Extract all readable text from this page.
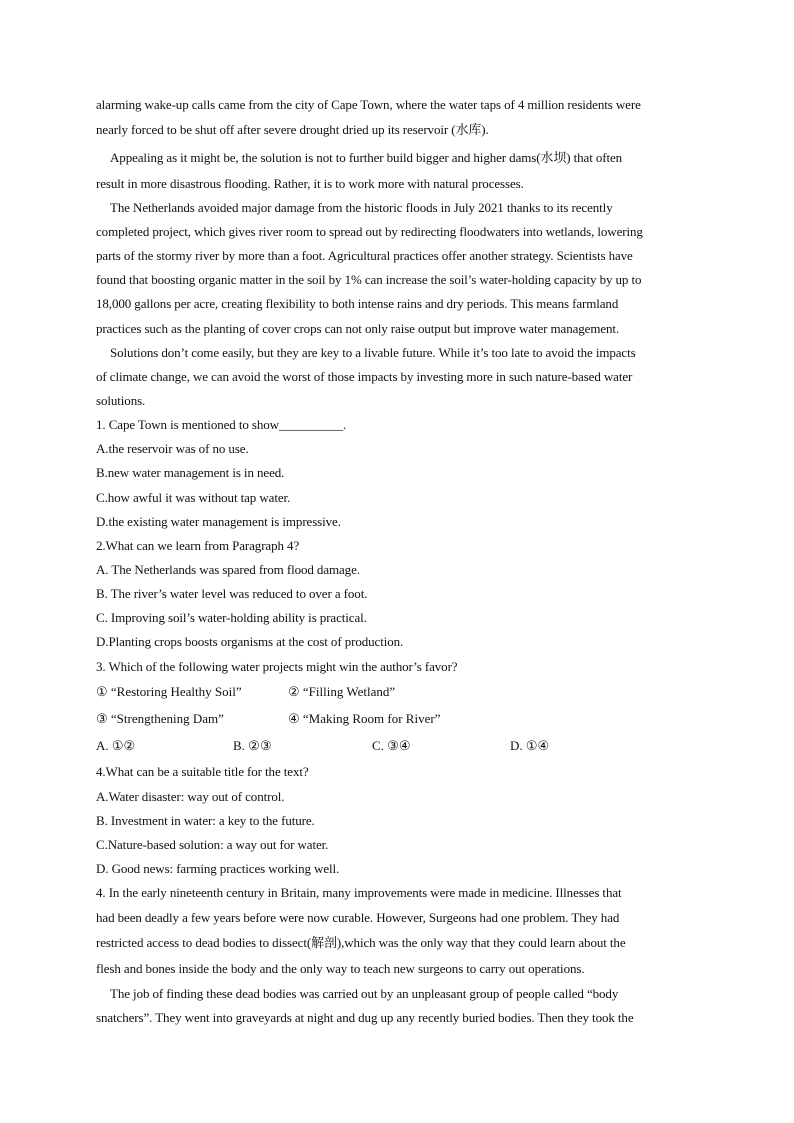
alarming wake-up calls came from the city of Cape Town, where the water taps of 4 million residents were
nearly forced to be shut off after severe drought dried up its reservoir (水库).
Appealing as it might be, the solution is not to further build bigger and higher dams(水坝) that often
result in more disastrous flooding. Rather, it is to work more with natural processes.
The Netherlands avoided major damage from the historic floods in July 2021 thanks to its recently
completed project, which gives river room to spread out by redirecting floodwaters into wetlands, lowering
parts of the stormy river by more than a foot. Agricultural practices offer another strategy. Scientists have
found that boosting organic matter in the soil by 1% can increase the soil’s water-holding capacity by up to
18,000 gallons per acre, creating flexibility to both intense rains and dry periods. This means farmland
practices such as the planting of cover crops can not only raise output but improve water management.
Solutions don’t come easily, but they are key to a livable future. While it’s too late to avoid the impacts
of climate change, we can avoid the worst of those impacts by investing more in such nature-based water
solutions.
1. Cape Town is mentioned to show__________.
A.the reservoir was of no use.
B.new water management is in need.
C.how awful it was without tap water.
D.the existing water management is impressive.
2.What can we learn from Paragraph 4?
A. The Netherlands was spared from flood damage.
B. The river’s water level was reduced to over a foot.
C. Improving soil’s water-holding ability is practical.
D.Planting crops boosts organisms at the cost of production.
3. Which of the following water projects might win the author’s favor?
① “Restoring Healthy Soil”	② “Filling Wetland”
③ “Strengthening Dam”	④ “Making Room for River”
A. ①②	B. ②③	C. ③④	D. ①④
4.What can be a suitable title for the text?
A.Water disaster: way out of control.
B. Investment in water: a key to the future.
C.Nature-based solution: a way out for water.
D. Good news: farming practices working well.
4. In the early nineteenth century in Britain, many improvements were made in medicine. Illnesses that
had been deadly a few years before were now curable. However, Surgeons had one problem. They had
restricted access to dead bodies to dissect(解剖),which was the only way that they could learn about the
flesh and bones inside the body and the only way to teach new surgeons to carry out operations.
The job of finding these dead bodies was carried out by an unpleasant group of people called “body
snatchers”. They went into graveyards at night and dug up any recently buried bodies. Then they took the
